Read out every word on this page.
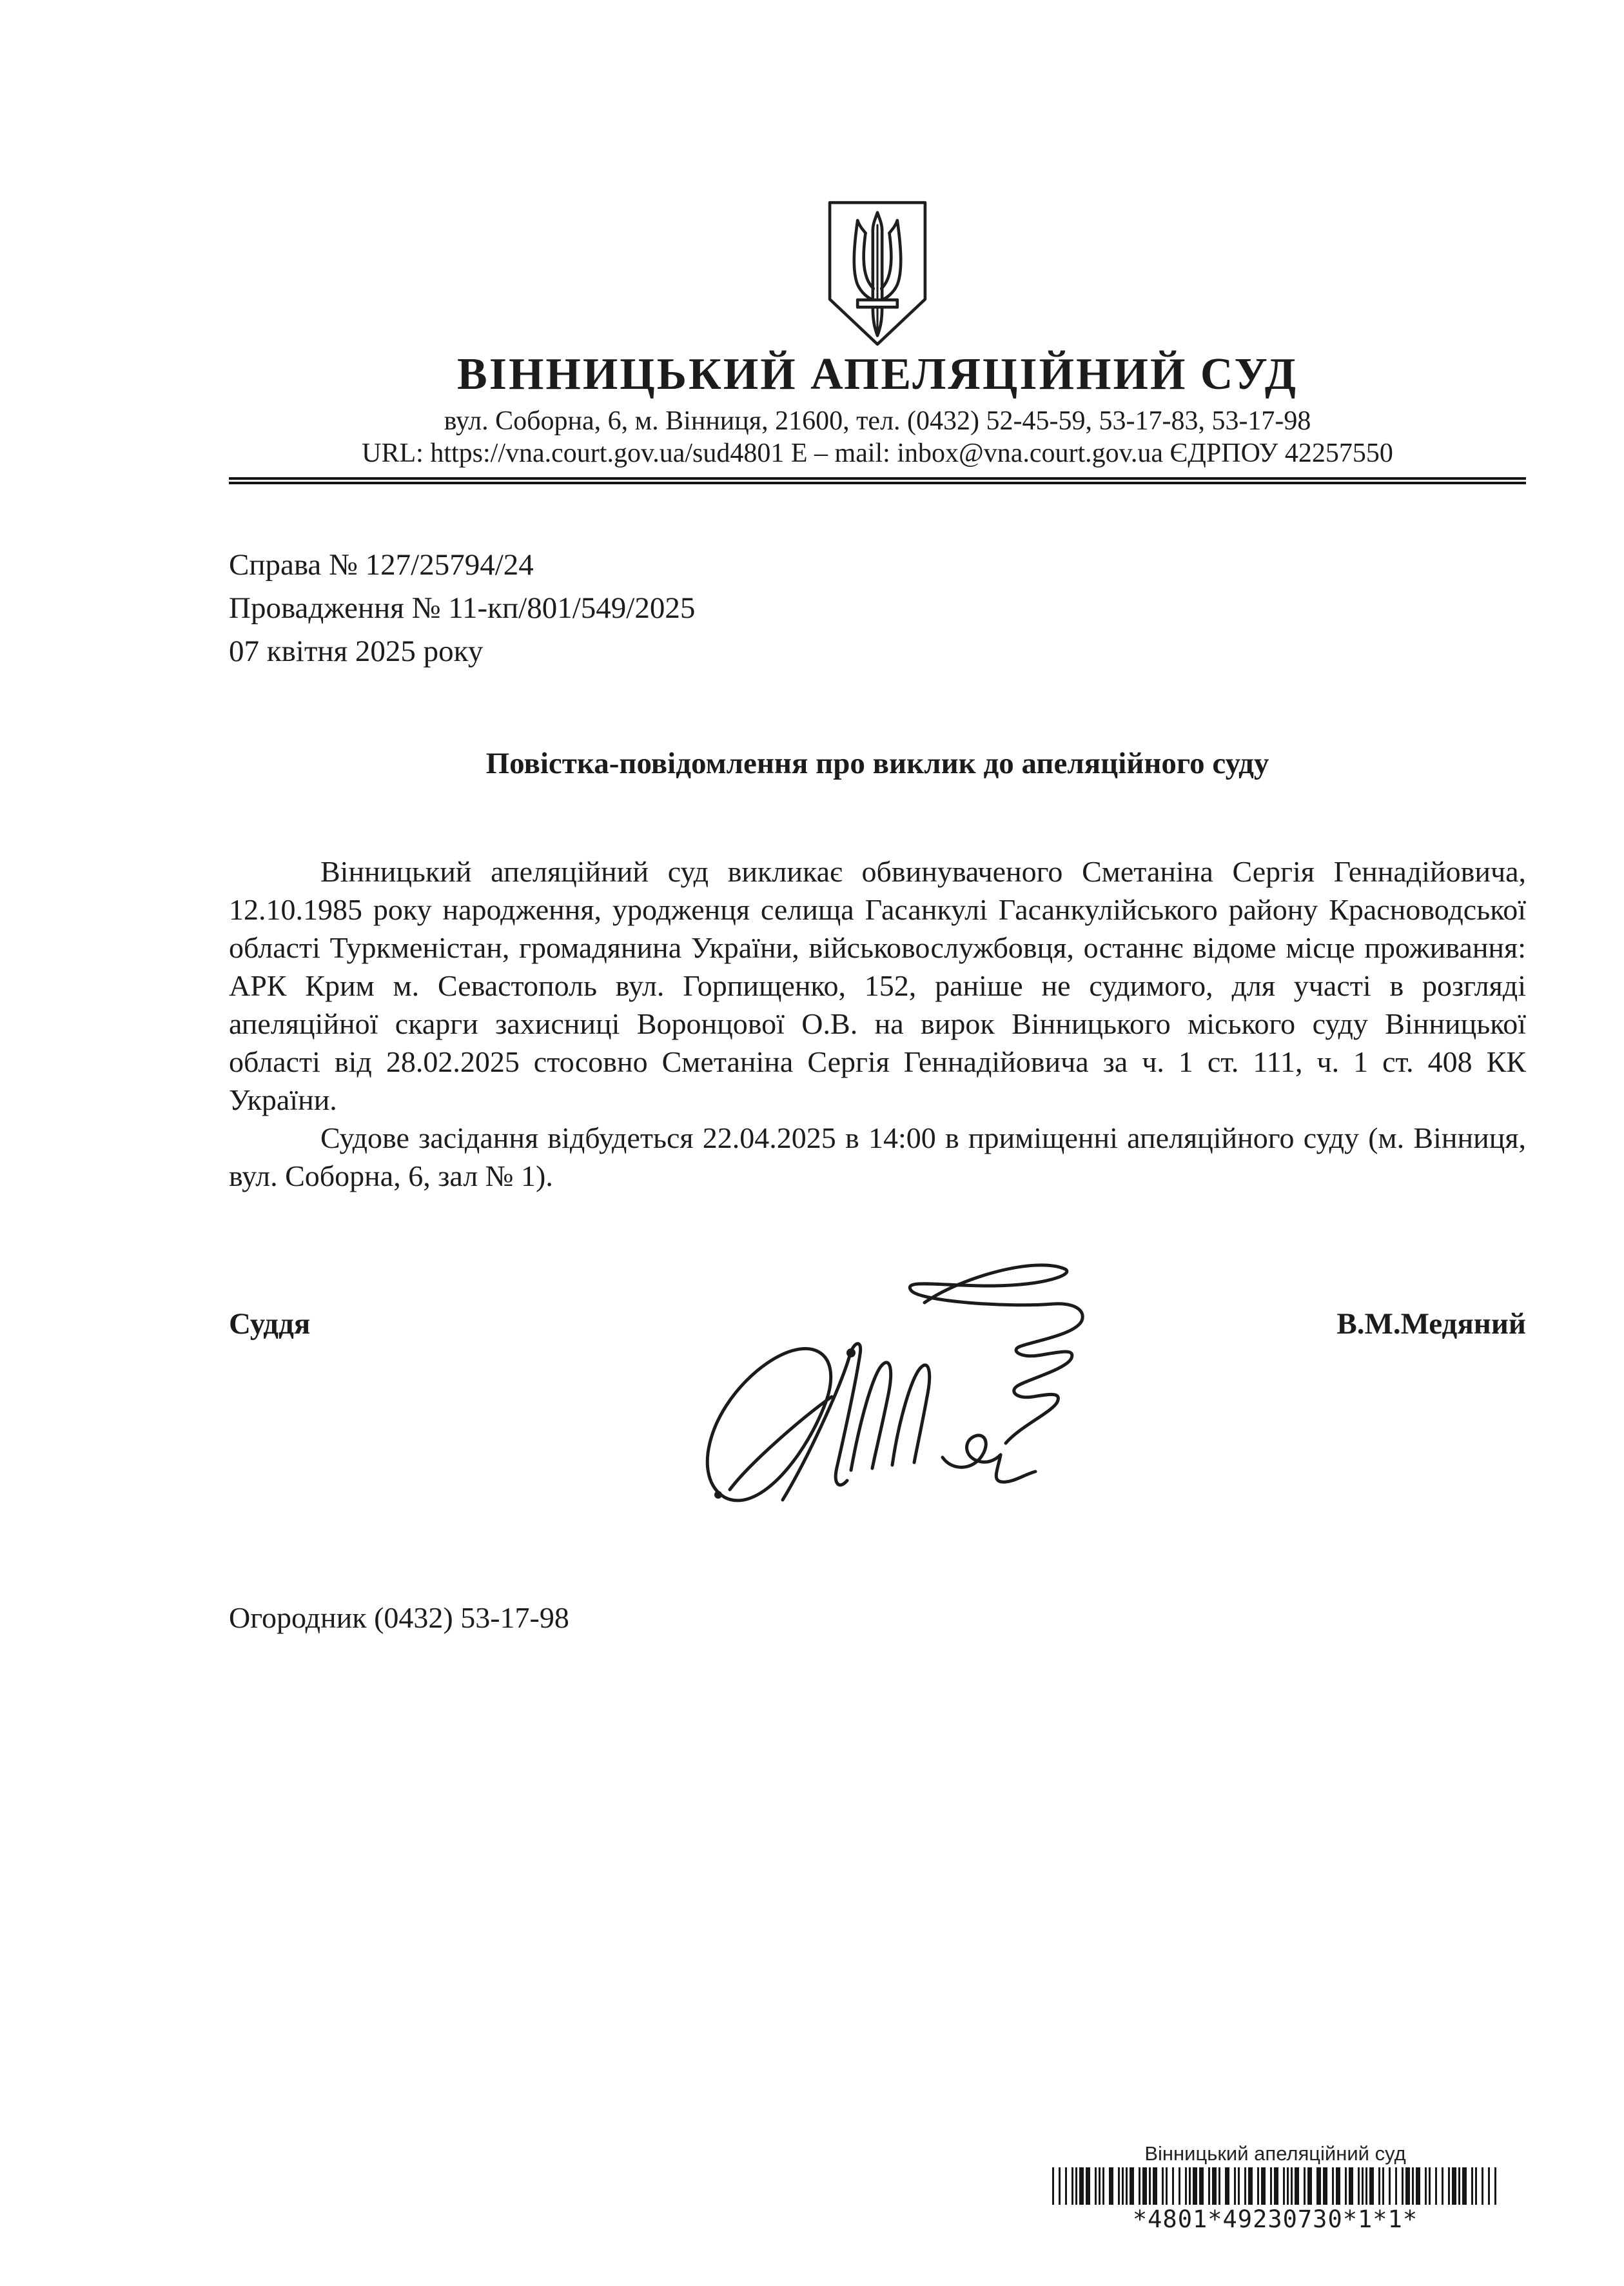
ВІННИЦЬКИЙ АПЕЛЯЦІЙНИЙ СУД
вул. Соборна, 6, м. Вінниця, 21600, тел. (0432) 52-45-59, 53-17-83, 53-17-98
URL: https://vna.court.gov.ua/sud4801 E – mail: inbox@vna.court.gov.ua ЄДРПОУ 42257550
Справа № 127/25794/24
Провадження № 11-кп/801/549/2025
07 квітня 2025 року
Повістка-повідомлення про виклик до апеляційного суду

Вінницький апеляційний суд викликає обвинуваченого Сметаніна Сергія Геннадійовича, 12.10.1985 року народження, уродженця селища Гасанкулі Гасанкулійського району Красноводської області Туркменістан, громадянина України, військовослужбовця, останнє відоме місце проживання: АРК Крим м. Севастополь вул. Горпищенко, 152, раніше не судимого, для участі в розгляді апеляційної скарги захисниці Воронцової О.В. на вирок Вінницького міського суду Вінницької області від 28.02.2025 стосовно Сметаніна Сергія Геннадійовича за ч. 1 ст. 111, ч. 1 ст. 408 КК України.

Судове засідання відбудеться 22.04.2025 в 14:00 в приміщенні апеляційного суду (м. Вінниця, вул. Соборна, 6, зал № 1).

Суддя	В.М.Медяний
Огородник (0432) 53-17-98
Вінницький апеляційний суд
*4801*49230730*1*1*
